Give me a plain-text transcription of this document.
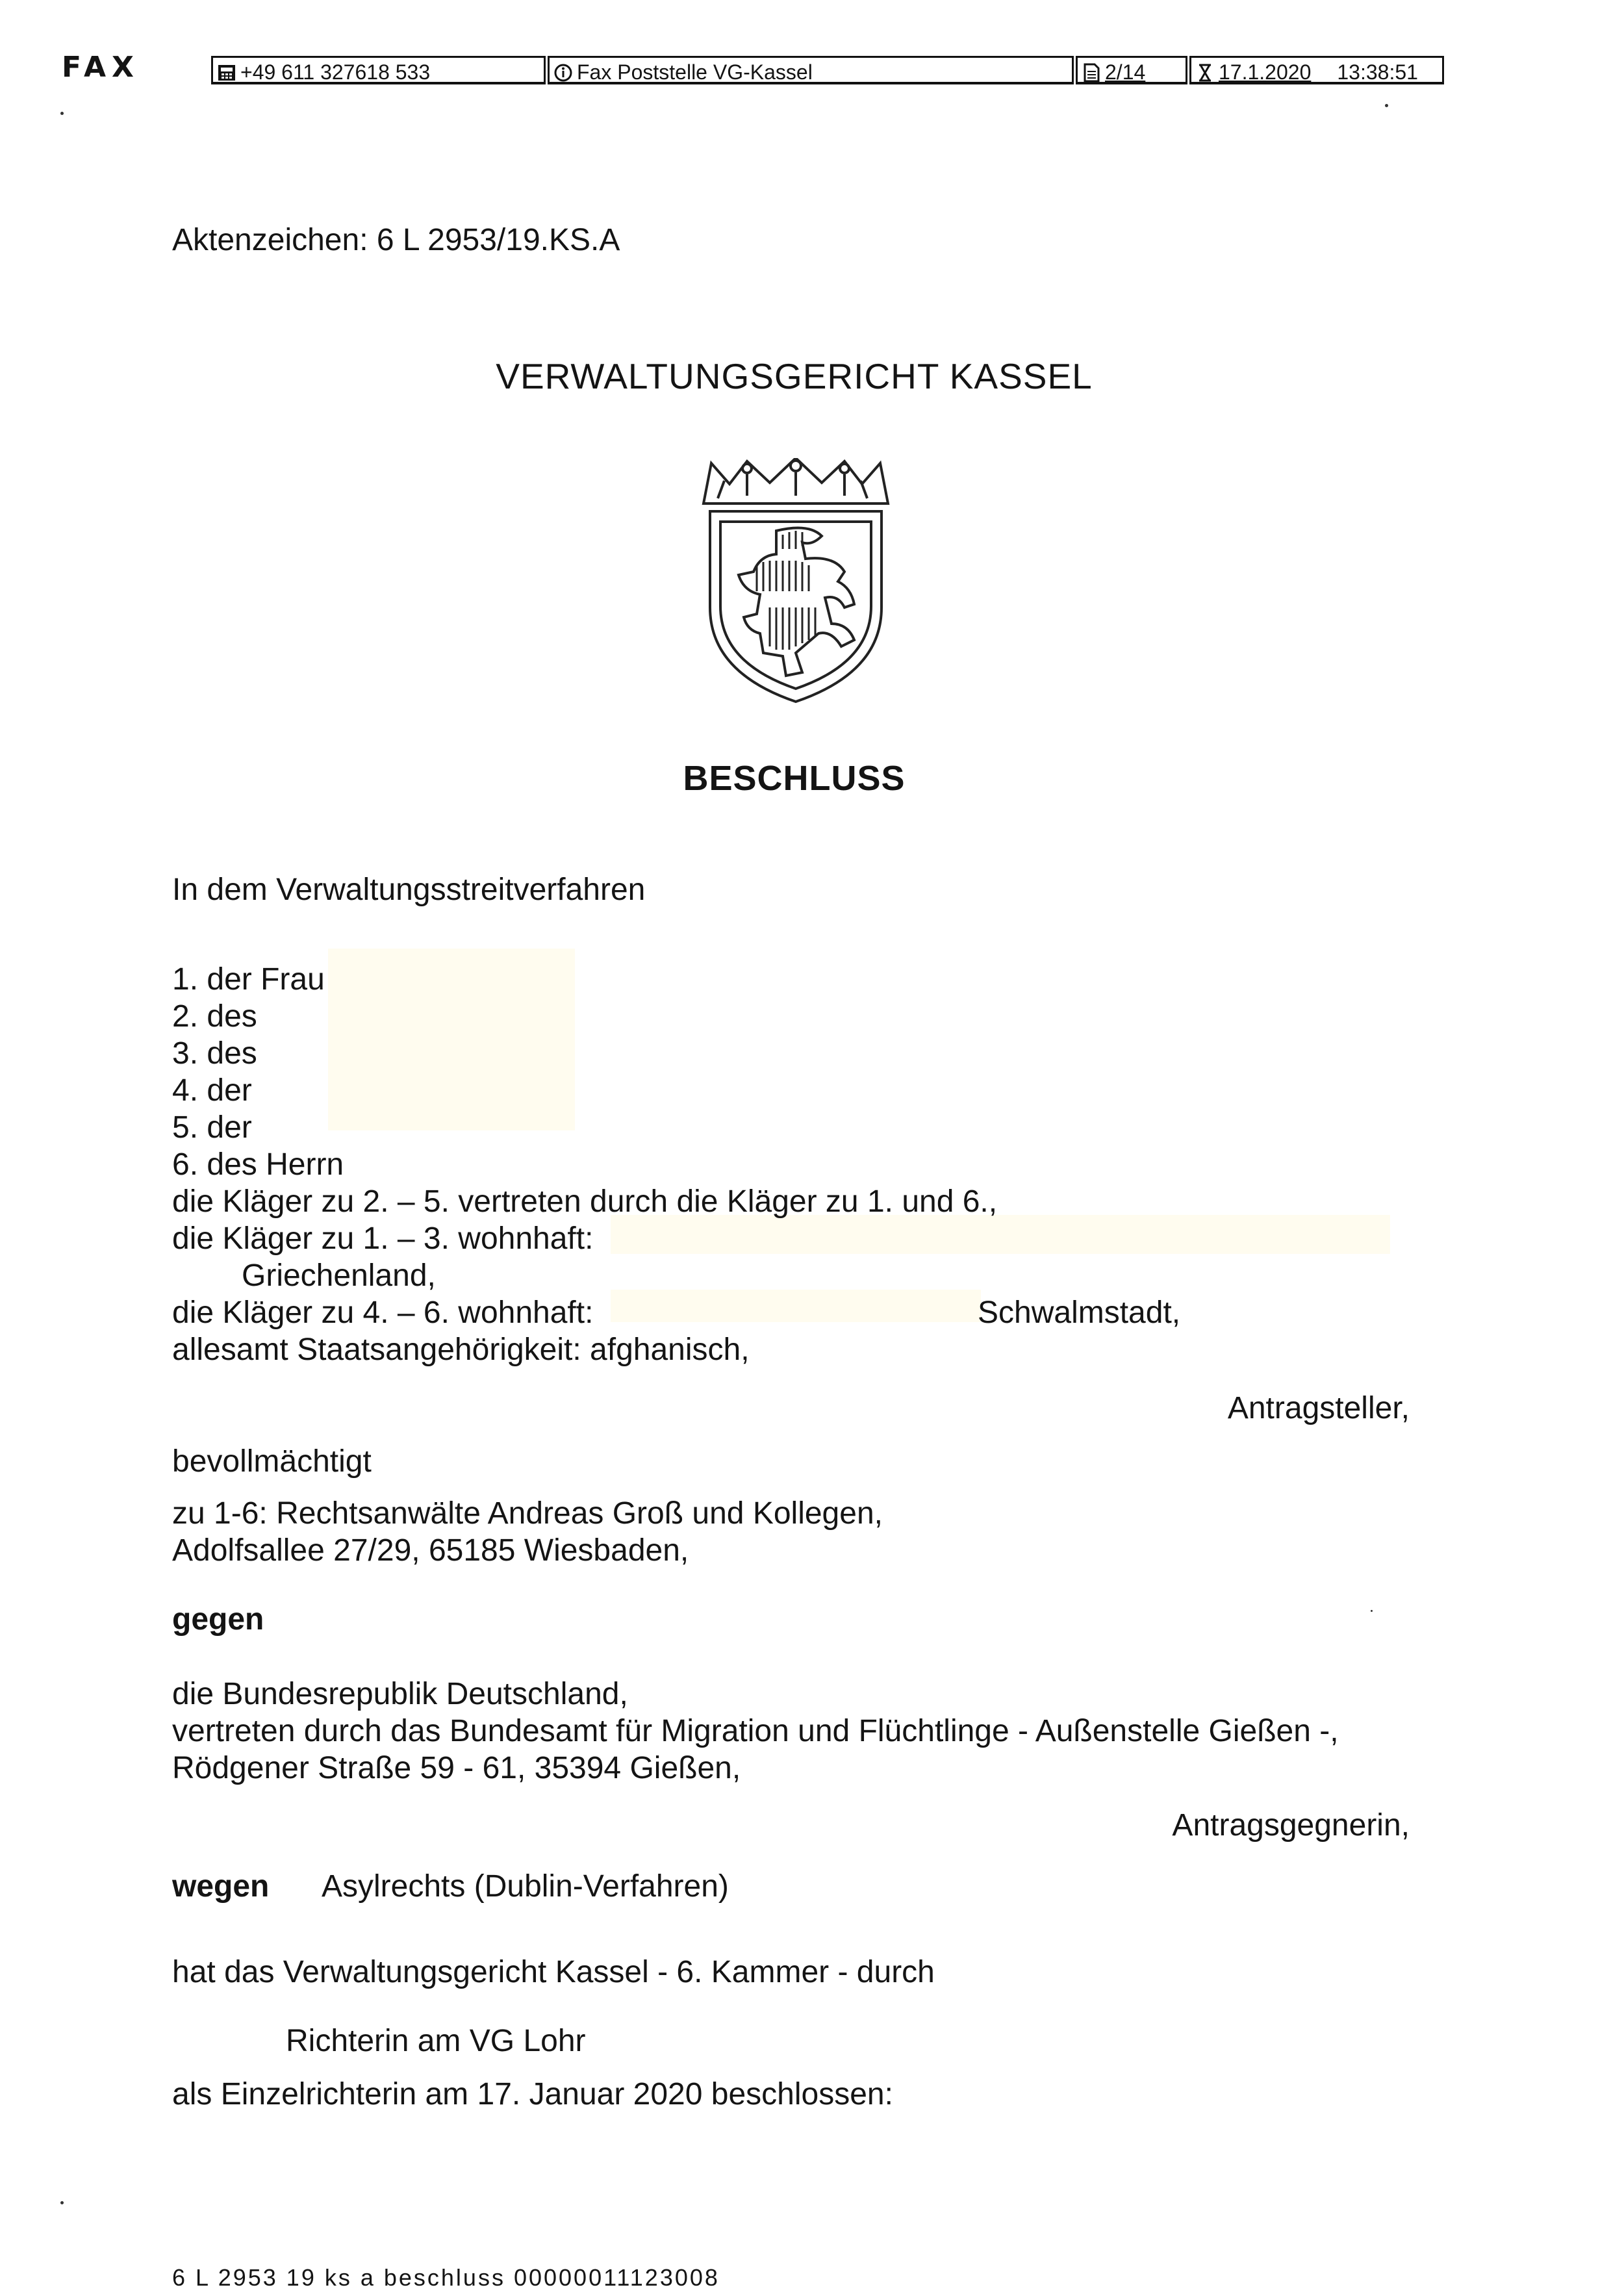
FAX	+49 611 327618 533	Fax Poststelle VG-Kassel	2/14	17.1.2020 13:38:51
Aktenzeichen: 6 L 2953/19.KS.A
VERWALTUNGSGERICHT KASSEL
BESCHLUSS
In dem Verwaltungsstreitverfahren
1. der Frau
2. des
3. des
4. der
5. der
6. des Herrn
die Kläger zu 2. – 5. vertreten durch die Kläger zu 1. und 6.,
die Kläger zu 1. – 3. wohnhaft:
Griechenland,
die Kläger zu 4. – 6. wohnhaft:	Schwalmstadt,
allesamt Staatsangehörigkeit: afghanisch,
Antragsteller,
bevollmächtigt
zu 1-6: Rechtsanwälte Andreas Groß und Kollegen,
Adolfsallee 27/29, 65185 Wiesbaden,
gegen
die Bundesrepublik Deutschland,
vertreten durch das Bundesamt für Migration und Flüchtlinge - Außenstelle Gießen -,
Rödgener Straße 59 - 61, 35394 Gießen,
Antragsgegnerin,
wegen Asylrechts (Dublin-Verfahren)
hat das Verwaltungsgericht Kassel - 6. Kammer - durch
Richterin am VG Lohr
als Einzelrichterin am 17. Januar 2020 beschlossen:
6 L 2953 19 ks a beschluss 00000011123008
